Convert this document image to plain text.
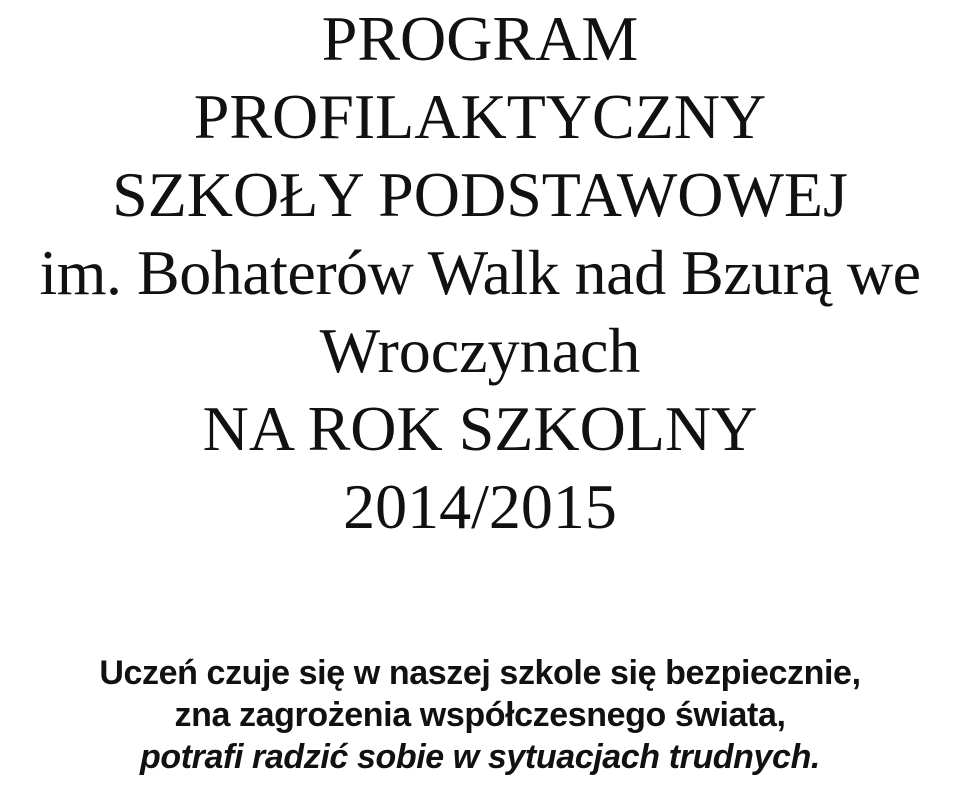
PROGRAM
PROFILAKTYCZNY
SZKOŁY PODSTAWOWEJ
im. Bohaterów Walk nad Bzurą we
Wroczynach
NA ROK SZKOLNY
2014/2015
Uczeń czuje się w naszej szkole się bezpiecznie,
zna zagrożenia współczesnego świata,
potrafi radzić sobie w sytuacjach trudnych.
